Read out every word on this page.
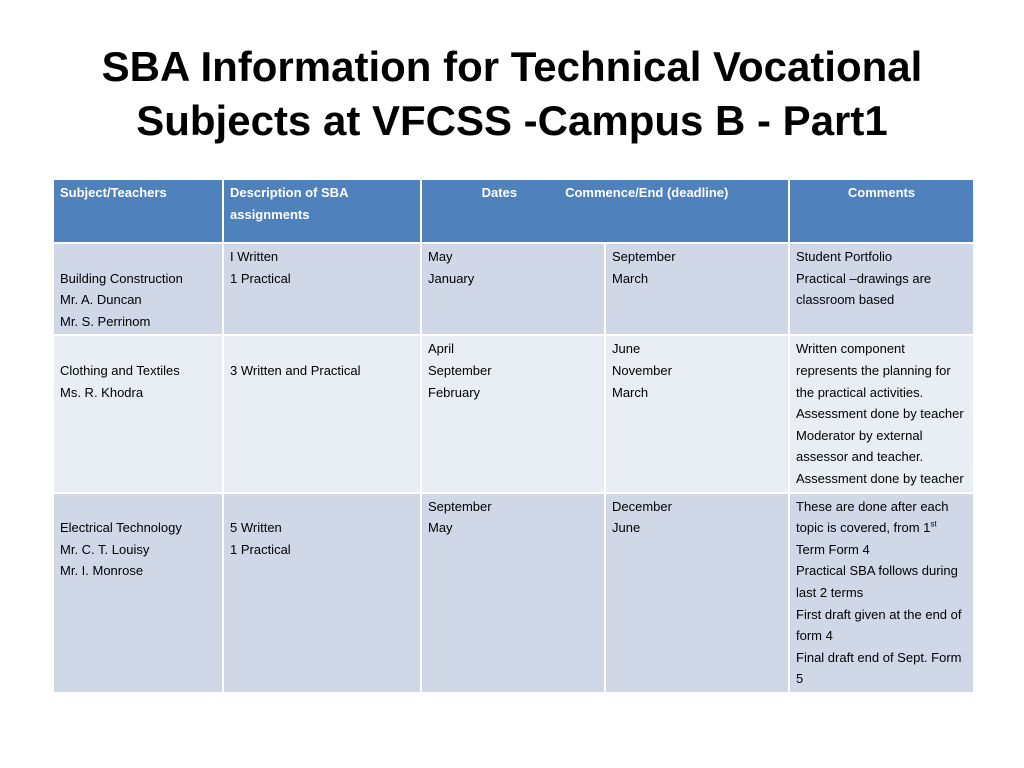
SBA Information for Technical Vocational
Subjects at VFCSS -Campus B - Part1
Subject/Teachers	Description of SBA assignments	Dates Commence/End (deadline)		Comments

Building Construction
Mr. A. Duncan
Mr. S. Perrinom	I Written
1 Practical	May
January	September
March	Student Portfolio
Practical –drawings are classroom based

Clothing and Textiles
Ms. R. Khodra	3 Written and Practical	April
September
February	June
November
March	Written component represents the planning for the practical activities.
Assessment done by teacher
Moderator by external assessor and teacher.
Assessment done by teacher

Electrical Technology
Mr. C. T. Louisy
Mr. I. Monrose	5 Written
1 Practical	September
May	December
June	These are done after each topic is covered, from 1st Term Form 4
Practical SBA follows during last 2 terms
First draft given at the end of form 4
Final draft end of Sept. Form 5
